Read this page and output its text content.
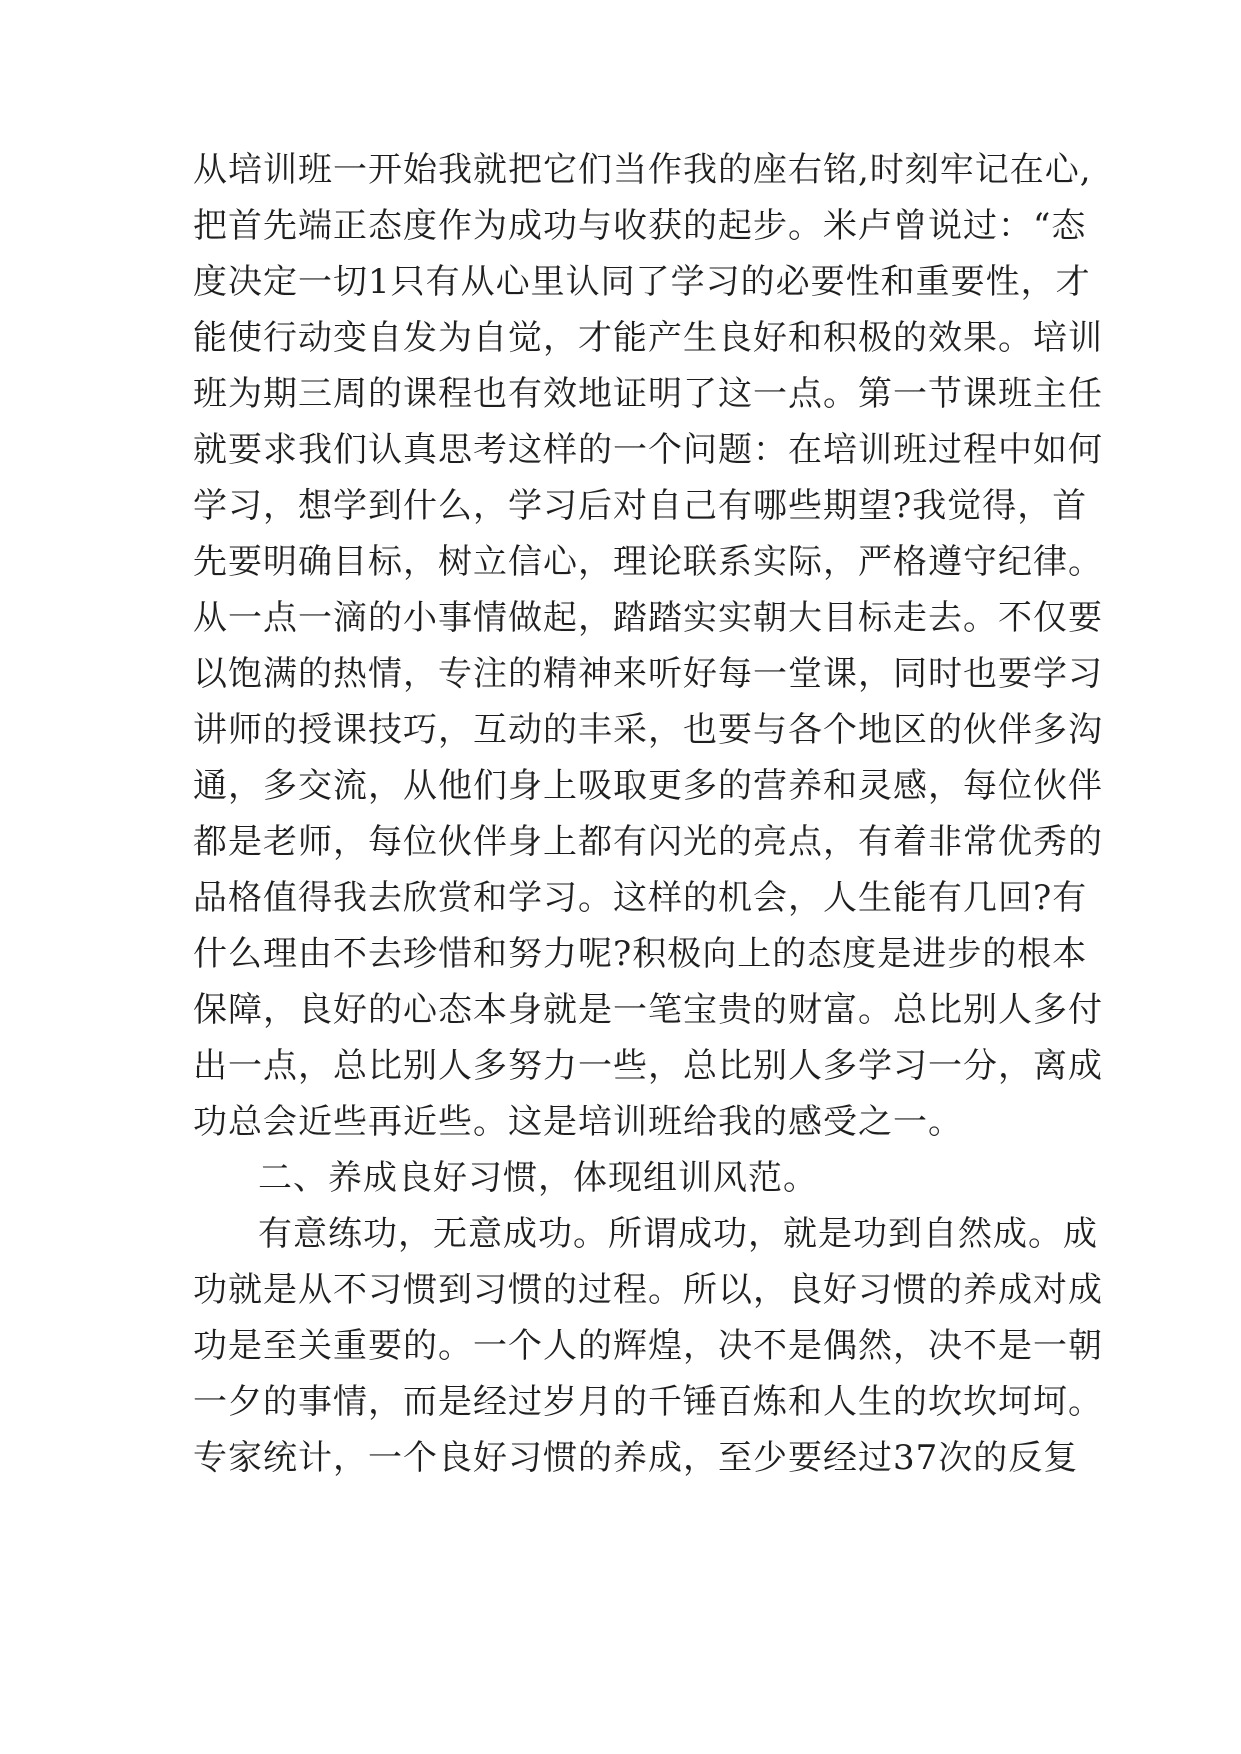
从培训班一开始我就把它们当作我的座右铭,时刻牢记在心,
把首先端正态度作为成功与收获的起步。米卢曾说过：“态
度决定一切1只有从心里认同了学习的必要性和重要性，才
能使行动变自发为自觉，才能产生良好和积极的效果。培训
班为期三周的课程也有效地证明了这一点。第一节课班主任
就要求我们认真思考这样的一个问题：在培训班过程中如何
学习，想学到什么，学习后对自己有哪些期望?我觉得，首
先要明确目标，树立信心，理论联系实际，严格遵守纪律。
从一点一滴的小事情做起，踏踏实实朝大目标走去。不仅要
以饱满的热情，专注的精神来听好每一堂课，同时也要学习
讲师的授课技巧，互动的丰采，也要与各个地区的伙伴多沟
通，多交流，从他们身上吸取更多的营养和灵感，每位伙伴
都是老师，每位伙伴身上都有闪光的亮点，有着非常优秀的
品格值得我去欣赏和学习。这样的机会，人生能有几回?有
什么理由不去珍惜和努力呢?积极向上的态度是进步的根本
保障，良好的心态本身就是一笔宝贵的财富。总比别人多付
出一点，总比别人多努力一些，总比别人多学习一分，离成
功总会近些再近些。这是培训班给我的感受之一。
二、养成良好习惯，体现组训风范。
有意练功，无意成功。所谓成功，就是功到自然成。成
功就是从不习惯到习惯的过程。所以，良好习惯的养成对成
功是至关重要的。一个人的辉煌，决不是偶然，决不是一朝
一夕的事情，而是经过岁月的千锤百炼和人生的坎坎坷坷。
专家统计，一个良好习惯的养成，至少要经过37次的反复
